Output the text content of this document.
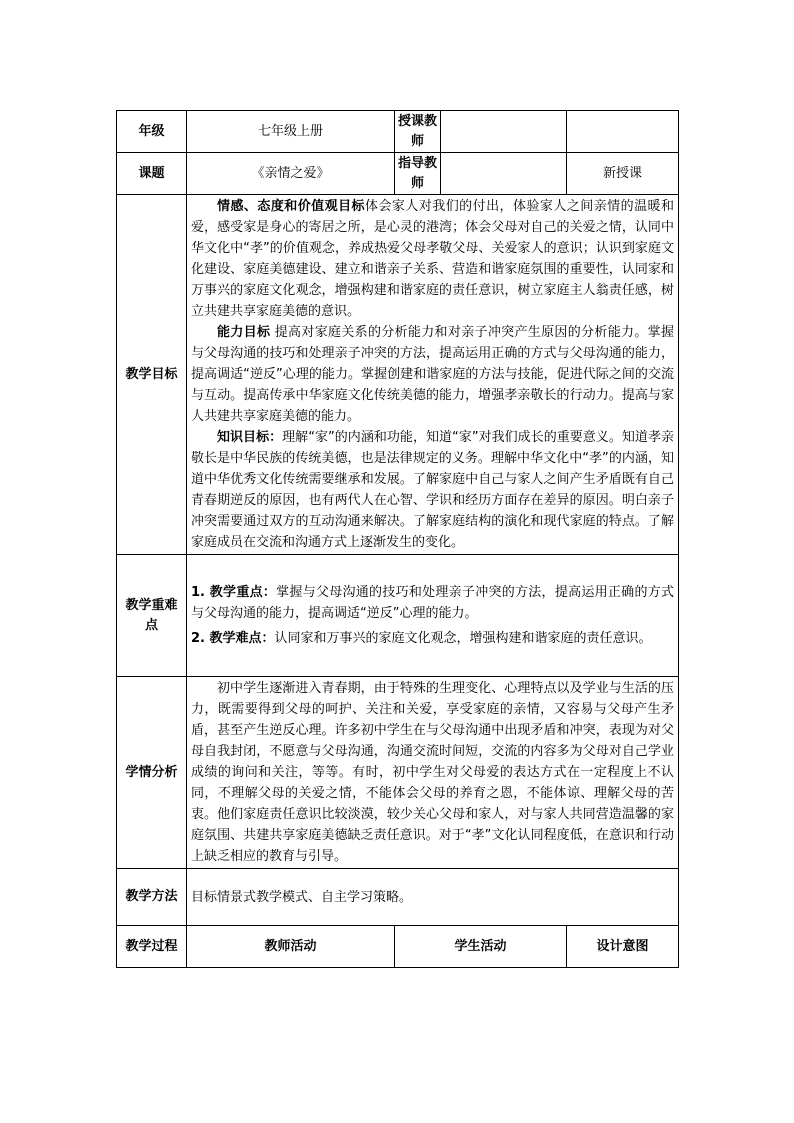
年级	七年级上册	授课教师		
课题	《亲情之爱》	指导教师		新授课
教学目标	情感、态度和价值观目标体会家人对我们的付出，体验家人之间亲情的温暖和爱，感受家是身心的寄居之所，是心灵的港湾；体会父母对自己的关爱之情，认同中华文化中“孝”的价值观念，养成热爱父母孝敬父母、关爱家人的意识；认识到家庭文化建设、家庭美德建设、建立和谐亲子关系、营造和谐家庭氛围的重要性，认同家和万事兴的家庭文化观念，增强构建和谐家庭的责任意识，树立家庭主人翁责任感，树立共建共享家庭美德的意识。

能力目标 提高对家庭关系的分析能力和对亲子冲突产生原因的分析能力。掌握与父母沟通的技巧和处理亲子冲突的方法，提高运用正确的方式与父母沟通的能力，提高调适“逆反”心理的能力。掌握创建和谐家庭的方法与技能，促进代际之间的交流与互动。提高传承中华家庭文化传统美德的能力，增强孝亲敬长的行动力。提高与家人共建共享家庭美德的能力。

知识目标：理解“家”的内涵和功能，知道“家”对我们成长的重要意义。知道孝亲敬长是中华民族的传统美德，也是法律规定的义务。理解中华文化中“孝”的内涵，知道中华优秀文化传统需要继承和发展。了解家庭中自己与家人之间产生矛盾既有自己青春期逆反的原因，也有两代人在心智、学识和经历方面存在差异的原因。明白亲子冲突需要通过双方的互动沟通来解决。了解家庭结构的演化和现代家庭的特点。了解家庭成员在交流和沟通方式上逐渐发生的变化。			

教学重难点	1. 教学重点：掌握与父母沟通的技巧和处理亲子冲突的方法，提高运用正确的方式与父母沟通的能力，提高调适“逆反”心理的能力。

2. 教学难点：认同家和万事兴的家庭文化观念，增强构建和谐家庭的责任意识。			

学情分析	初中学生逐渐进入青春期，由于特殊的生理变化、心理特点以及学业与生活的压力，既需要得到父母的呵护、关注和关爱，享受家庭的亲情，又容易与父母产生矛盾，甚至产生逆反心理。许多初中学生在与父母沟通中出现矛盾和冲突，表现为对父母自我封闭，不愿意与父母沟通，沟通交流时间短，交流的内容多为父母对自己学业成绩的询问和关注，等等。有时，初中学生对父母爱的表达方式在一定程度上不认同，不理解父母的关爱之情，不能体会父母的养育之恩，不能体谅、理解父母的苦衷。他们家庭责任意识比较淡漠，较少关心父母和家人，对与家人共同营造温馨的家庭氛围、共建共享家庭美德缺乏责任意识。对于“孝”文化认同程度低，在意识和行动上缺乏相应的教育与引导。			

教学方法	目标情景式教学模式、自主学习策略。			
教学过程	教师活动	学生活动		设计意图
